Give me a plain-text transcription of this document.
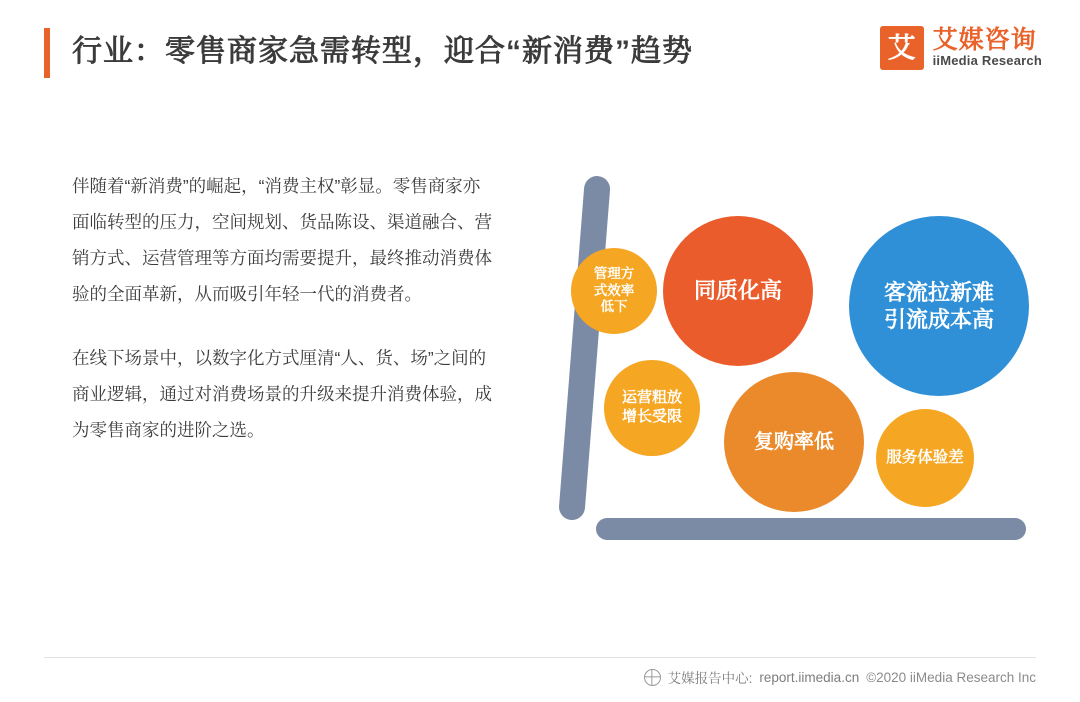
行业：零售商家急需转型，迎合“新消费”趋势	艾 艾媒咨询
iiMedia Research

伴随着“新消费”的崛起，“消费主权”彰显。零售商家亦面临转型的压力，空间规划、货品陈设、渠道融合、营销方式、运营管理等方面均需要提升，最终推动消费体验的全面革新，从而吸引年轻一代的消费者。

在线下场景中，以数字化方式厘清“人、货、场”之间的商业逻辑，通过对消费场景的升级来提升消费体验，成为零售商家的进阶之选。

管理方
式效率
低下
同质化高	客流拉新难
引流成本高
运营粗放
增长受限
复购率低
服务体验差
艾媒报告中心: report.iimedia.cn ©2020 iiMedia Research Inc
